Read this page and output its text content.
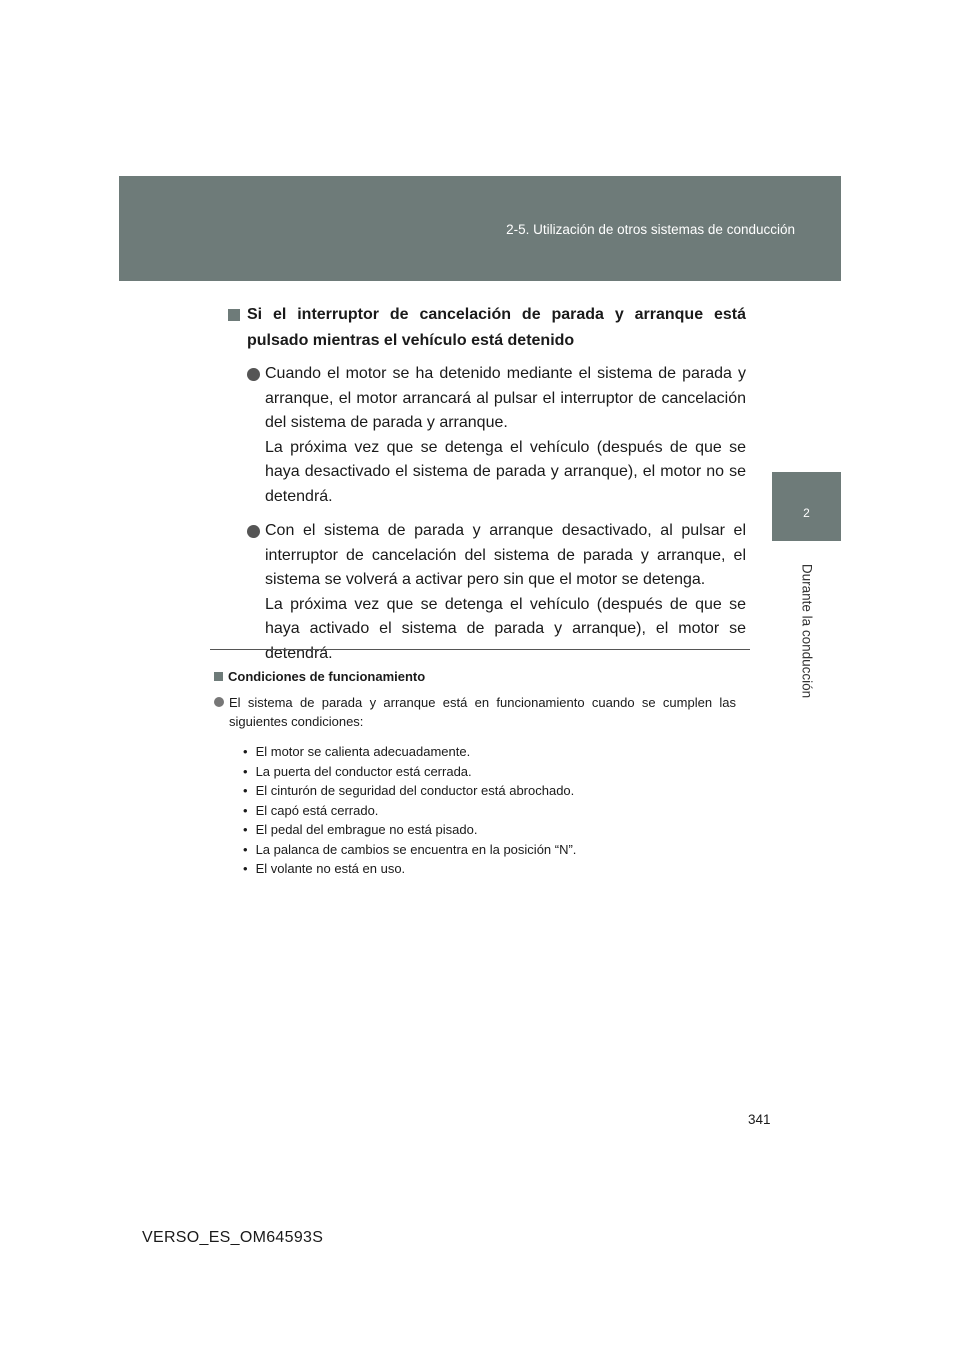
2-5. Utilización de otros sistemas de conducción
2
Durante la conducción
Si el interruptor de cancelación de parada y arranque está pulsado mientras el vehículo está detenido

Cuando el motor se ha detenido mediante el sistema de parada y arranque, el motor arrancará al pulsar el interruptor de cancelación del sistema de parada y arranque.

La próxima vez que se detenga el vehículo (después de que se haya desactivado el sistema de parada y arranque), el motor no se detendrá.

Con el sistema de parada y arranque desactivado, al pulsar el interruptor de cancelación del sistema de parada y arranque, el sistema se volverá a activar pero sin que el motor se detenga.

La próxima vez que se detenga el vehículo (después de que se haya activado el sistema de parada y arranque), el motor se detendrá.

Condiciones de funcionamiento
El sistema de parada y arranque está en funcionamiento cuando se cumplen las siguientes condiciones:
• El motor se calienta adecuadamente.
• La puerta del conductor está cerrada.
• El cinturón de seguridad del conductor está abrochado.
• El capó está cerrado.
• El pedal del embrague no está pisado.
• La palanca de cambios se encuentra en la posición “N”.
• El volante no está en uso.
341
VERSO_ES_OM64593S
